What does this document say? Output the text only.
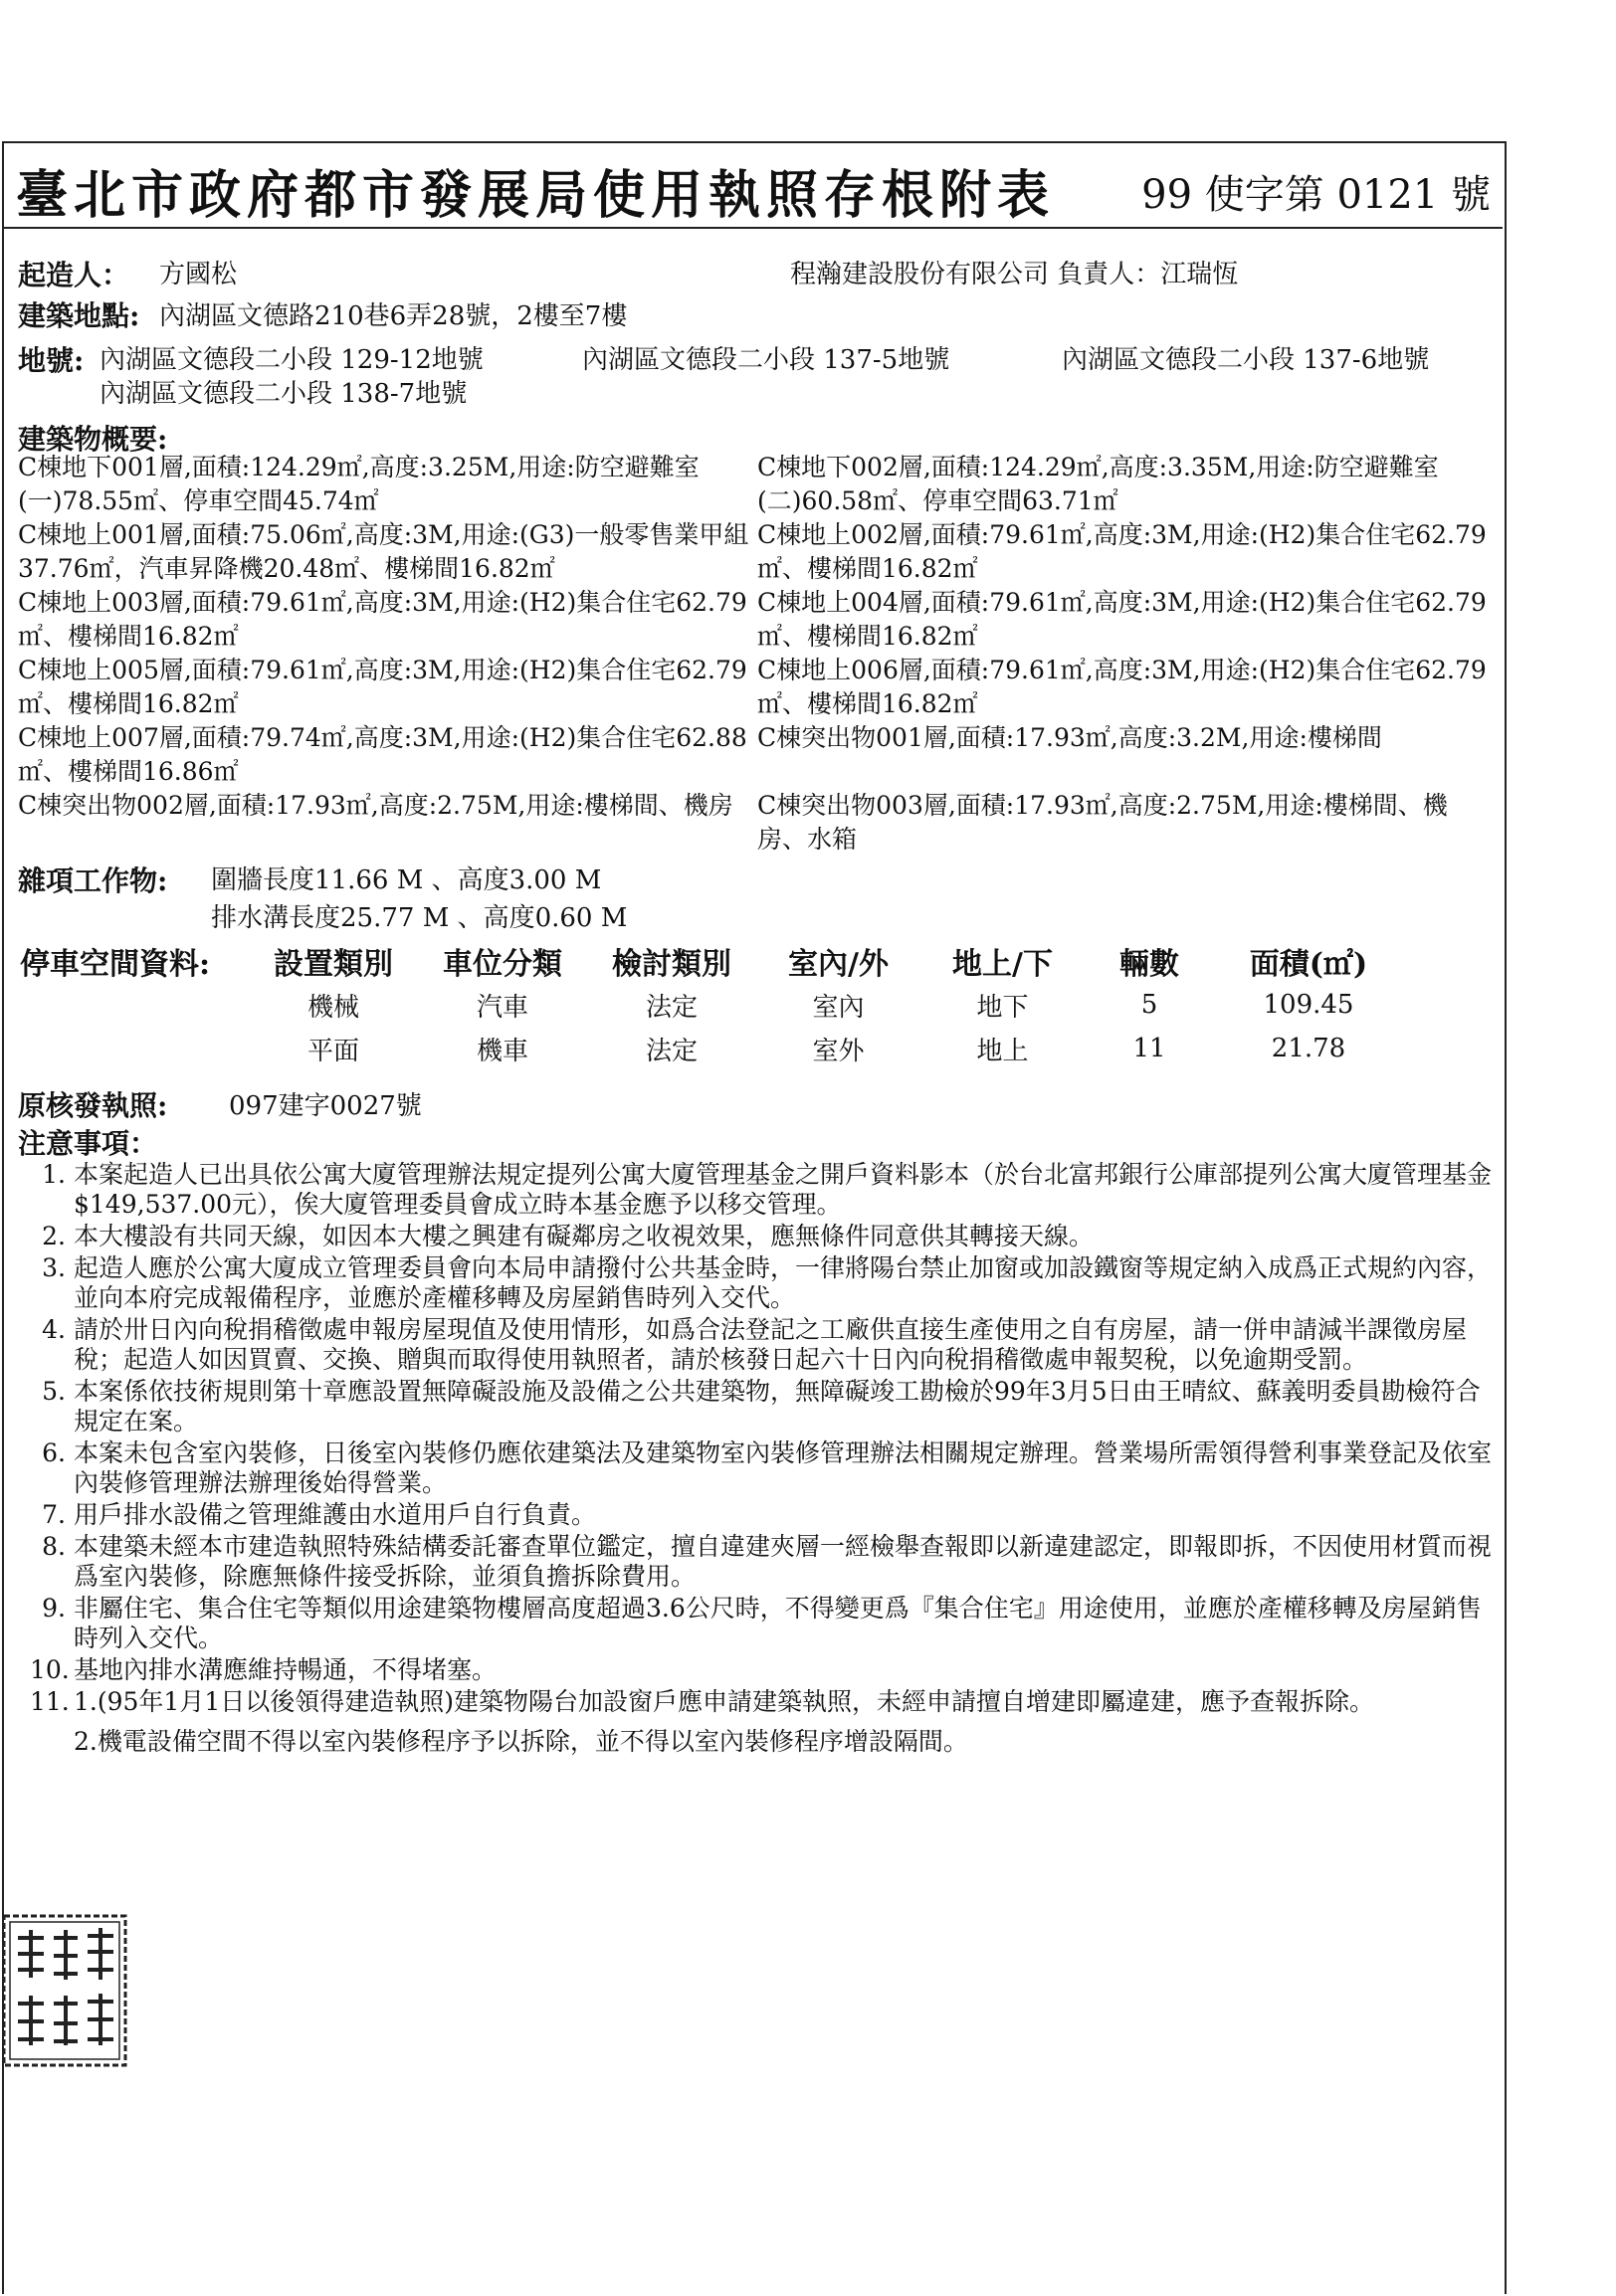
臺北市政府都市發展局使用執照存根附表 99 使字第 0121 號
起造人： 方國松	程瀚建設股份有限公司 負責人：江瑞恆
建築地點: 內湖區文德路210巷6弄28號，2樓至7樓
地號: 內湖區文德段二小段 129-12地號	內湖區文德段二小段 137-5地號	內湖區文德段二小段 137-6地號
內湖區文德段二小段 138-7地號
建築物概要:
C棟地下001層,面積:124.29㎡,高度:3.25M,用途:防空避難室(一)78.55㎡、停車空間45.74㎡
C棟地下002層,面積:124.29㎡,高度:3.35M,用途:防空避難室(二)60.58㎡、停車空間63.71㎡
C棟地上001層,面積:75.06㎡,高度:3M,用途:(G3)一般零售業甲組37.76㎡，汽車昇降機20.48㎡、樓梯間16.82㎡
C棟地上002層,面積:79.61㎡,高度:3M,用途:(H2)集合住宅62.79㎡、樓梯間16.82㎡
C棟地上003層,面積:79.61㎡,高度:3M,用途:(H2)集合住宅62.79㎡、樓梯間16.82㎡
C棟地上004層,面積:79.61㎡,高度:3M,用途:(H2)集合住宅62.79㎡、樓梯間16.82㎡
C棟地上005層,面積:79.61㎡,高度:3M,用途:(H2)集合住宅62.79㎡、樓梯間16.82㎡
C棟地上006層,面積:79.61㎡,高度:3M,用途:(H2)集合住宅62.79㎡、樓梯間16.82㎡
C棟地上007層,面積:79.74㎡,高度:3M,用途:(H2)集合住宅62.88㎡、樓梯間16.86㎡
C棟突出物001層,面積:17.93㎡,高度:3.2M,用途:樓梯間
C棟突出物002層,面積:17.93㎡,高度:2.75M,用途:樓梯間、機房 C棟突出物003層,面積:17.93㎡,高度:2.75M,用途:樓梯間、機房、水箱
雜項工作物: 圍牆長度11.66 M 、高度3.00 M
排水溝長度25.77 M 、高度0.60 M
停車空間資料:	設置類別	車位分類	檢討類別	室內/外	地上/下	輛數	面積(㎡)
	機械	汽車	法定	室內	地下	5	109.45
	平面	機車	法定	室外	地上	11	21.78
原核發執照: 097建字0027號
注意事項：
1. 本案起造人已出具依公寓大廈管理辦法規定提列公寓大廈管理基金之開戶資料影本（於台北富邦銀行公庫部提列公寓大廈管理基金$149,537.00元），俟大廈管理委員會成立時本基金應予以移交管理。
2. 本大樓設有共同天線，如因本大樓之興建有礙鄰房之收視效果，應無條件同意供其轉接天線。
3. 起造人應於公寓大廈成立管理委員會向本局申請撥付公共基金時，一律將陽台禁止加窗或加設鐵窗等規定納入成爲正式規約內容，並向本府完成報備程序，並應於產權移轉及房屋銷售時列入交代。
4. 請於卅日內向稅捐稽徵處申報房屋現值及使用情形，如爲合法登記之工廠供直接生產使用之自有房屋，請一併申請減半課徵房屋稅；起造人如因買賣、交換、贈與而取得使用執照者，請於核發日起六十日內向稅捐稽徵處申報契稅，以免逾期受罰。
5. 本案係依技術規則第十章應設置無障礙設施及設備之公共建築物，無障礙竣工勘檢於99年3月5日由王晴紋、蘇義明委員勘檢符合規定在案。
6. 本案未包含室內裝修，日後室內裝修仍應依建築法及建築物室內裝修管理辦法相關規定辦理。營業場所需領得營利事業登記及依室內裝修管理辦法辦理後始得營業。
7. 用戶排水設備之管理維護由水道用戶自行負責。
8. 本建築未經本市建造執照特殊結構委託審查單位鑑定，擅自違建夾層一經檢舉查報即以新違建認定，即報即拆，不因使用材質而視爲室內裝修，除應無條件接受拆除，並須負擔拆除費用。
9. 非屬住宅、集合住宅等類似用途建築物樓層高度超過3.6公尺時，不得變更爲『集合住宅』用途使用，並應於產權移轉及房屋銷售時列入交代。
10. 基地內排水溝應維持暢通，不得堵塞。
11. 1.(95年1月1日以後領得建造執照)建築物陽台加設窗戶應申請建築執照，未經申請擅自增建即屬違建，應予查報拆除。
2.機電設備空間不得以室內裝修程序予以拆除，並不得以室內裝修程序增設隔間。
